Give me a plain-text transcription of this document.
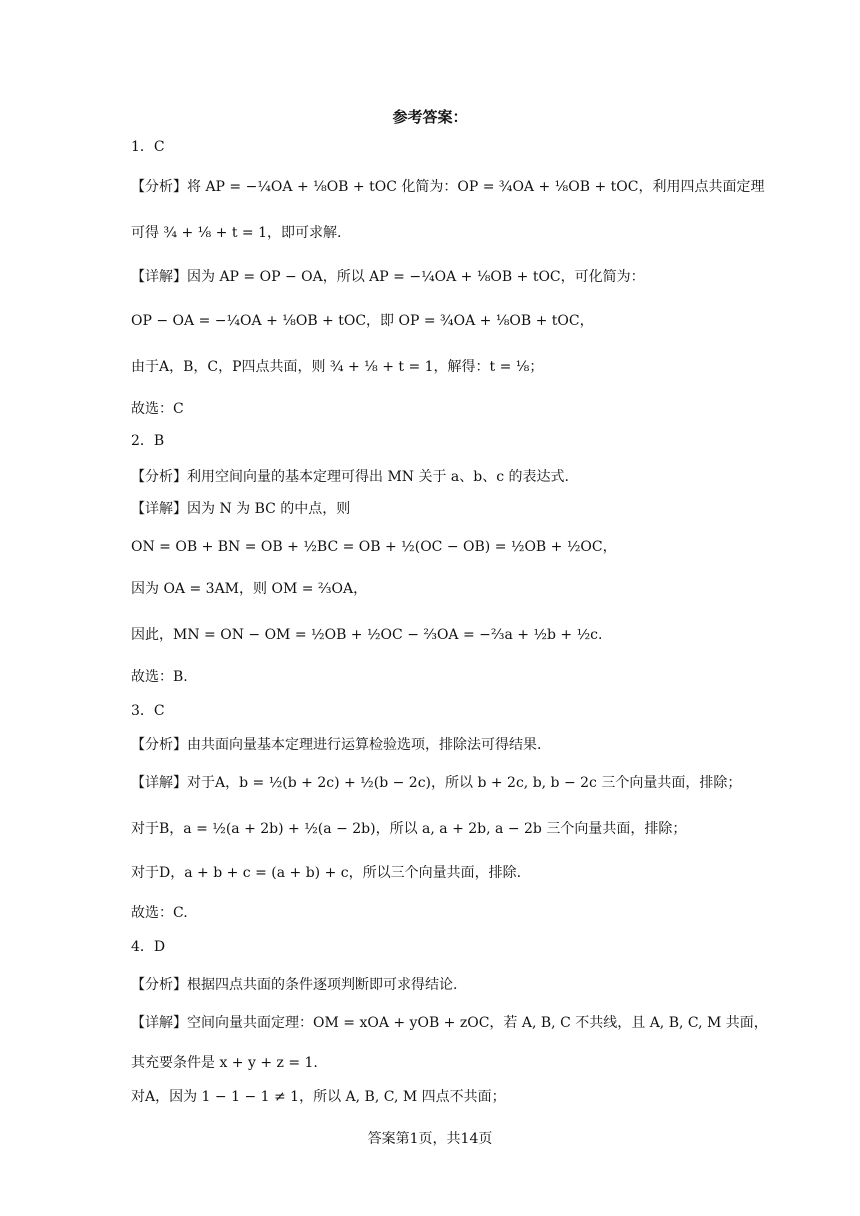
参考答案：
1．C
【分析】将 AP = −¼OA + ⅛OB + tOC 化简为：OP = ¾OA + ⅛OB + tOC，利用四点共面定理
可得 ¾ + ⅛ + t = 1，即可求解.
【详解】因为 AP = OP − OA，所以 AP = −¼OA + ⅛OB + tOC，可化简为：
OP − OA = −¼OA + ⅛OB + tOC，即 OP = ¾OA + ⅛OB + tOC，
由于A，B，C，P四点共面，则 ¾ + ⅛ + t = 1，解得：t = ⅛；
故选：C
2．B
【分析】利用空间向量的基本定理可得出 MN 关于 a、b、c 的表达式.
【详解】因为 N 为 BC 的中点，则
ON = OB + BN = OB + ½BC = OB + ½(OC − OB) = ½OB + ½OC，
因为 OA = 3AM，则 OM = ⅔OA，
因此，MN = ON − OM = ½OB + ½OC − ⅔OA = −⅔a + ½b + ½c.
故选：B.
3．C
【分析】由共面向量基本定理进行运算检验选项，排除法可得结果.
【详解】对于A，b = ½(b + 2c) + ½(b − 2c)，所以 b + 2c, b, b − 2c 三个向量共面，排除；
对于B，a = ½(a + 2b) + ½(a − 2b)，所以 a, a + 2b, a − 2b 三个向量共面，排除；
对于D，a + b + c = (a + b) + c，所以三个向量共面，排除.
故选：C.
4．D
【分析】根据四点共面的条件逐项判断即可求得结论.
【详解】空间向量共面定理：OM = xOA + yOB + zOC，若 A, B, C 不共线，且 A, B, C, M 共面，
其充要条件是 x + y + z = 1.
对A，因为 1 − 1 − 1 ≠ 1，所以 A, B, C, M 四点不共面；
答案第1页，共14页
